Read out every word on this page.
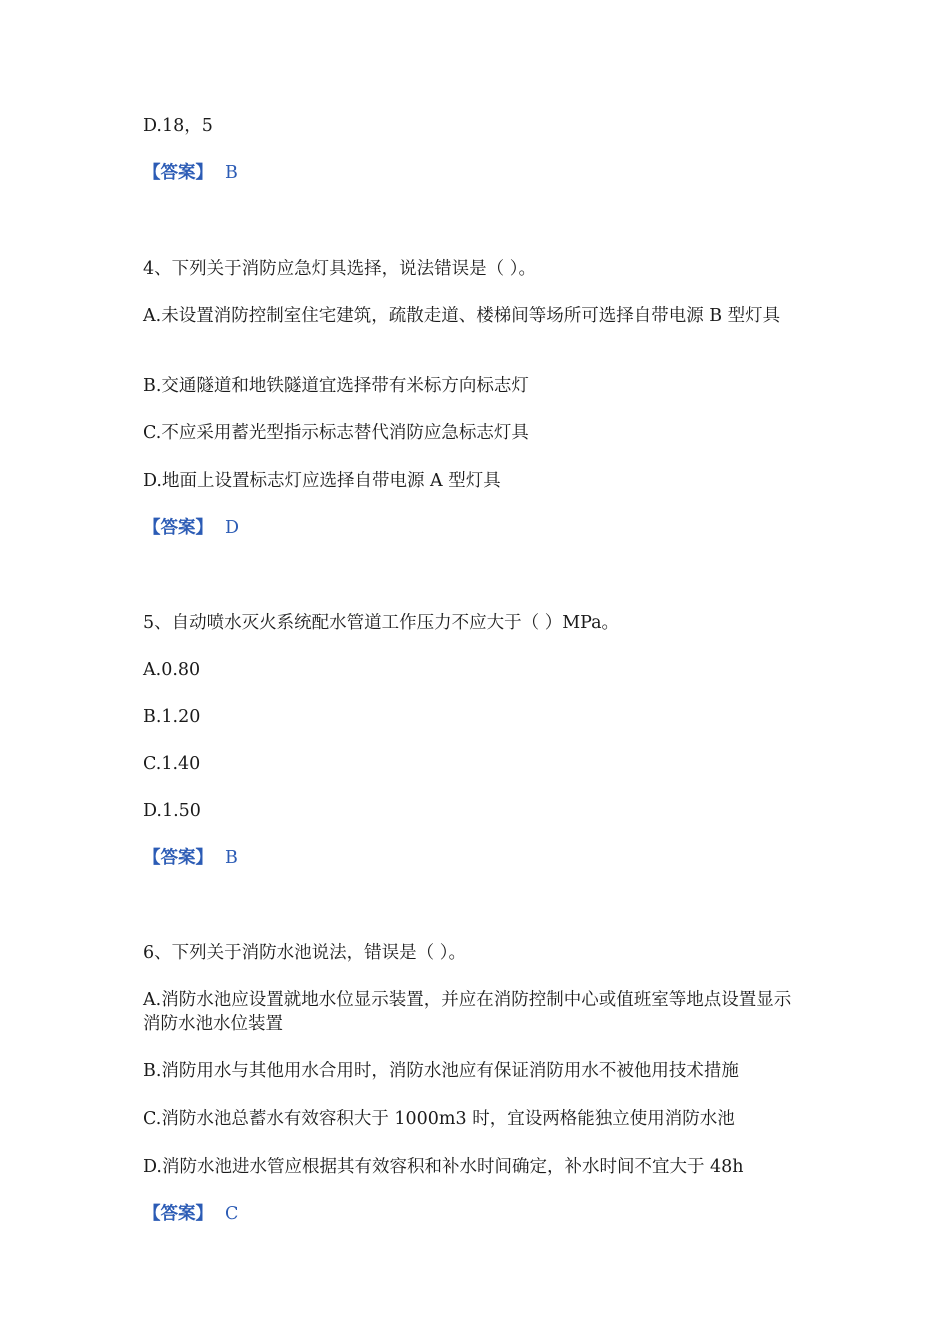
D.18，5
【答案】 B
4、下列关于消防应急灯具选择，说法错误是（ ）。
A.未设置消防控制室住宅建筑，疏散走道、楼梯间等场所可选择自带电源 B 型灯具
B.交通隧道和地铁隧道宜选择带有米标方向标志灯
C.不应采用蓄光型指示标志替代消防应急标志灯具
D.地面上设置标志灯应选择自带电源 A 型灯具
【答案】 D
5、自动喷水灭火系统配水管道工作压力不应大于（ ）MPa。
A.0.80
B.1.20
C.1.40
D.1.50
【答案】 B
6、下列关于消防水池说法，错误是（ ）。
A.消防水池应设置就地水位显示装置，并应在消防控制中心或值班室等地点设置显示消防水池水位装置
B.消防用水与其他用水合用时，消防水池应有保证消防用水不被他用技术措施
C.消防水池总蓄水有效容积大于 1000m3 时，宜设两格能独立使用消防水池
D.消防水池进水管应根据其有效容积和补水时间确定，补水时间不宜大于 48h
【答案】 C
